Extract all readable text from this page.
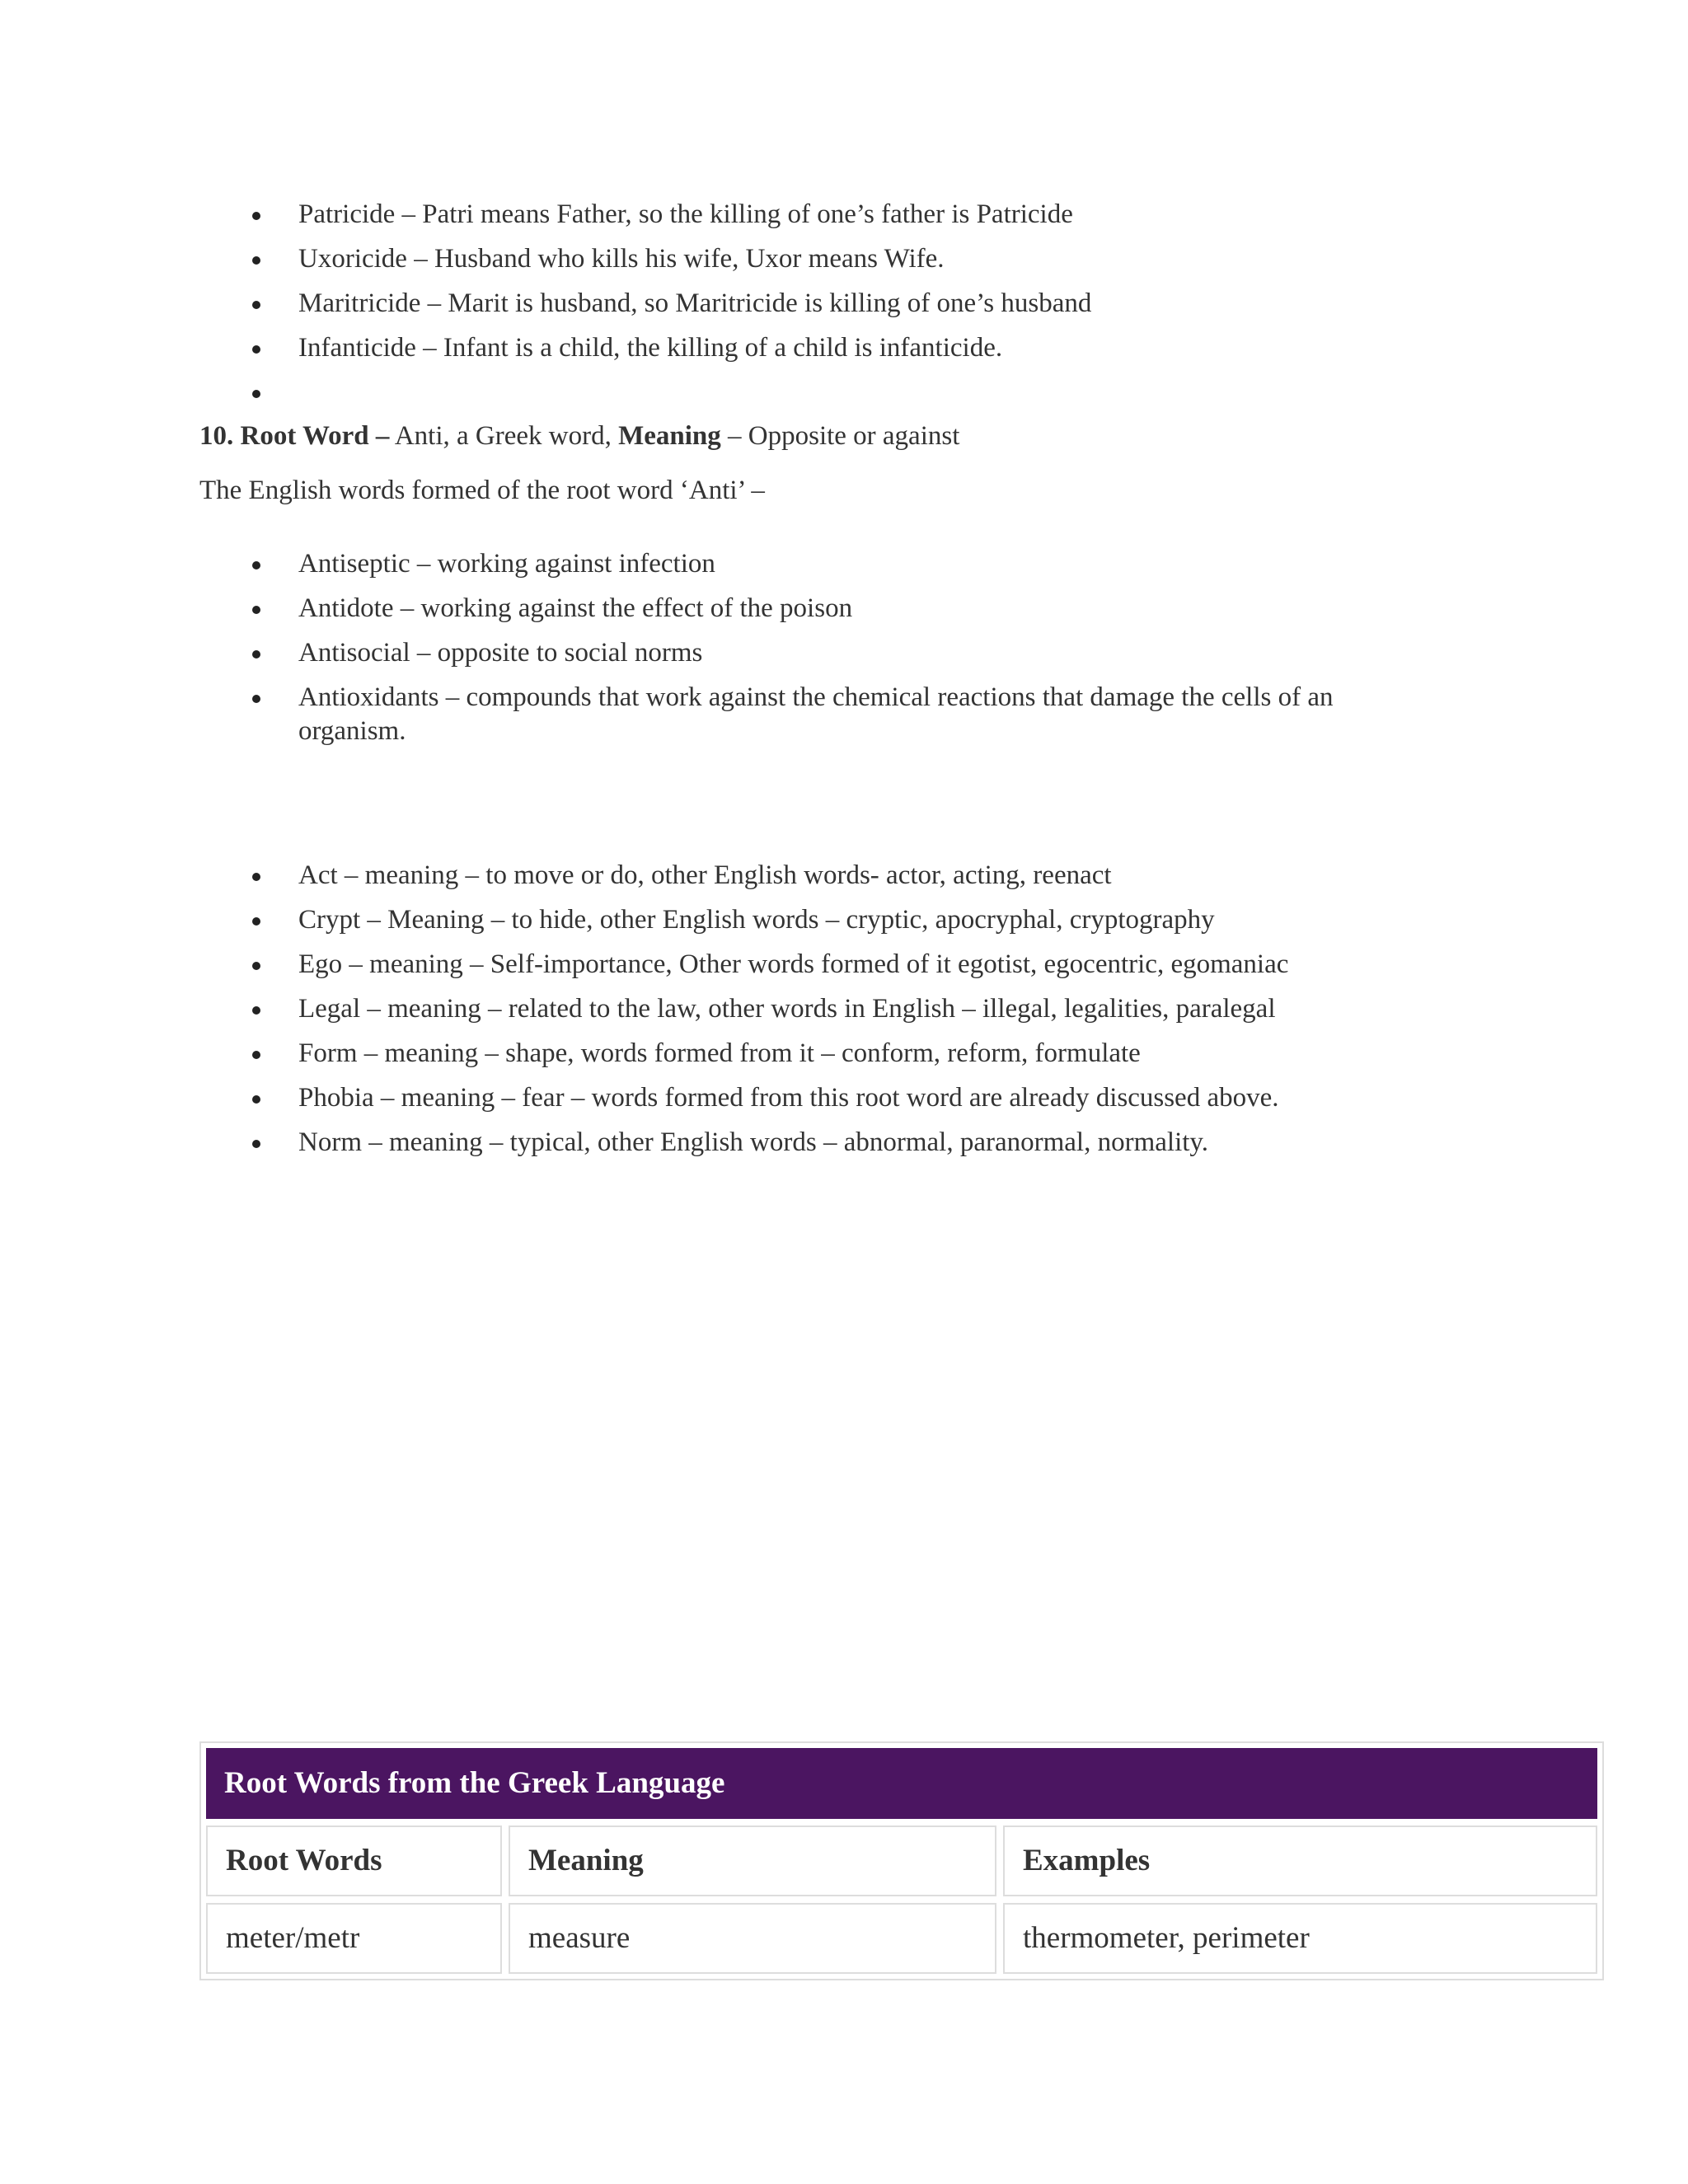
Patricide – Patri means Father, so the killing of one’s father is Patricide
Uxoricide – Husband who kills his wife, Uxor means Wife.
Maritricide – Marit is husband, so Maritricide is killing of one’s husband
Infanticide – Infant is a child, the killing of a child is infanticide.

10. Root Word – Anti, a Greek word, Meaning – Opposite or against

The English words formed of the root word ‘Anti’ –

Antiseptic – working against infection
Antidote – working against the effect of the poison
Antisocial – opposite to social norms
Antioxidants – compounds that work against the chemical reactions that damage the cells of an organism.
Act – meaning – to move or do, other English words- actor, acting, reenact
Crypt – Meaning – to hide, other English words – cryptic, apocryphal, cryptography
Ego – meaning – Self-importance, Other words formed of it egotist, egocentric, egomaniac
Legal – meaning – related to the law, other words in English – illegal, legalities, paralegal
Form – meaning – shape, words formed from it – conform, reform, formulate
Phobia – meaning – fear – words formed from this root word are already discussed above.
Norm – meaning – typical, other English words – abnormal, paranormal, normality.
Root Words from the Greek Language
Root Words	Meaning	Examples
meter/metr	measure	thermometer, perimeter
